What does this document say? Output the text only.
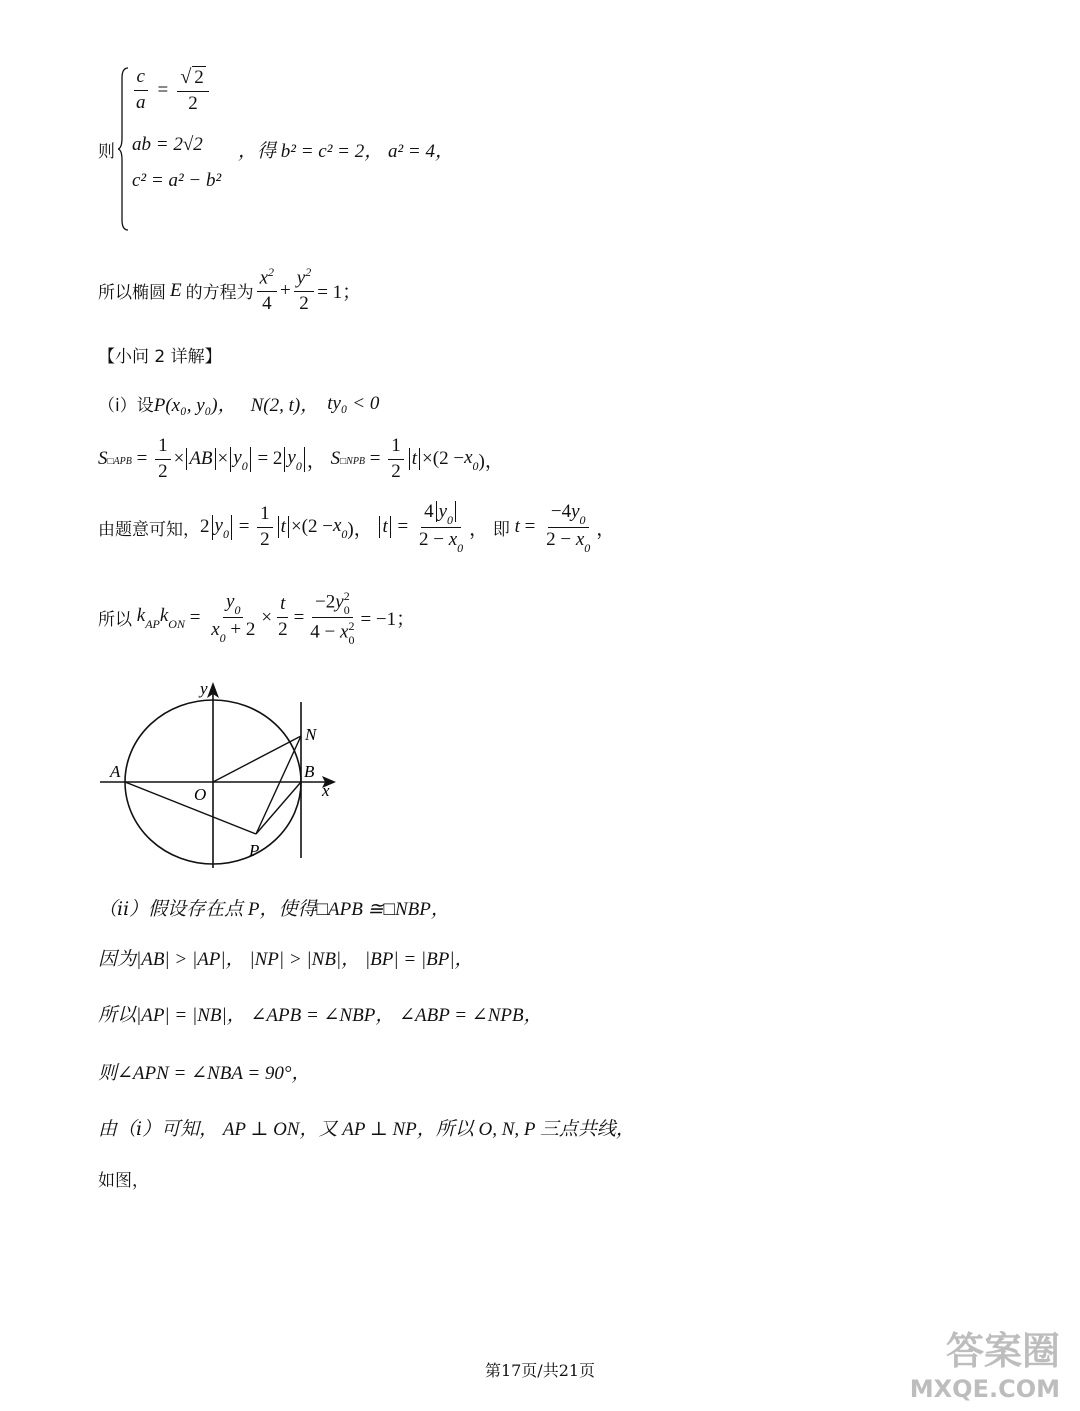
则
$\frac{c}{a} = \frac{√ 2}{2}$
ab = 2√2
c² = a² − b²
，得 b² = c² = 2， a² = 4，
所以椭圆 E 的方程为 $\frac{x^2}{4} + \frac{y^2}{2} = 1$；
【小问 2 详解】
（ⅰ）设 P(x₀, y₀)， N(2, t)， ty₀ < 0
$S_{□APB} = \frac{1}{2}$ × AB × $y_0 = 2$ $y_0$ ， $S_{□NPB} = \frac{1}{2}$ $t \times(2 - x_0$ )，
由题意可知， 2 $y_0 = \frac{1}{2}$ $t \times(2 - x_0$ )， $t = \frac{4 y_0}{2 - x_0}$ ， 即 $t = \frac{-4y_0}{2 - x_0}$ ，
所以 $k_{AP}k_{ON} = \frac{y_0}{x_0 + 2} \times \frac{t}{2} = \frac{-2y^2_0}{4 - x^2_0} = -1$；
y
x
A	B
O
N
P
（ⅱ）假设存在点 P，使得□APB ≅□NBP，
因为|AB| > |AP|， |NP| > |NB|， |BP| = |BP|，
所以|AP| = |NB|， ∠APB = ∠NBP， ∠ABP = ∠NPB，
则∠APN = ∠NBA = 90°，
由（ⅰ）可知， AP ⊥ ON，又 AP ⊥ NP，所以 O, N, P 三点共线，
如图，
第17页/共21页	答案圈
MXQE.COM
